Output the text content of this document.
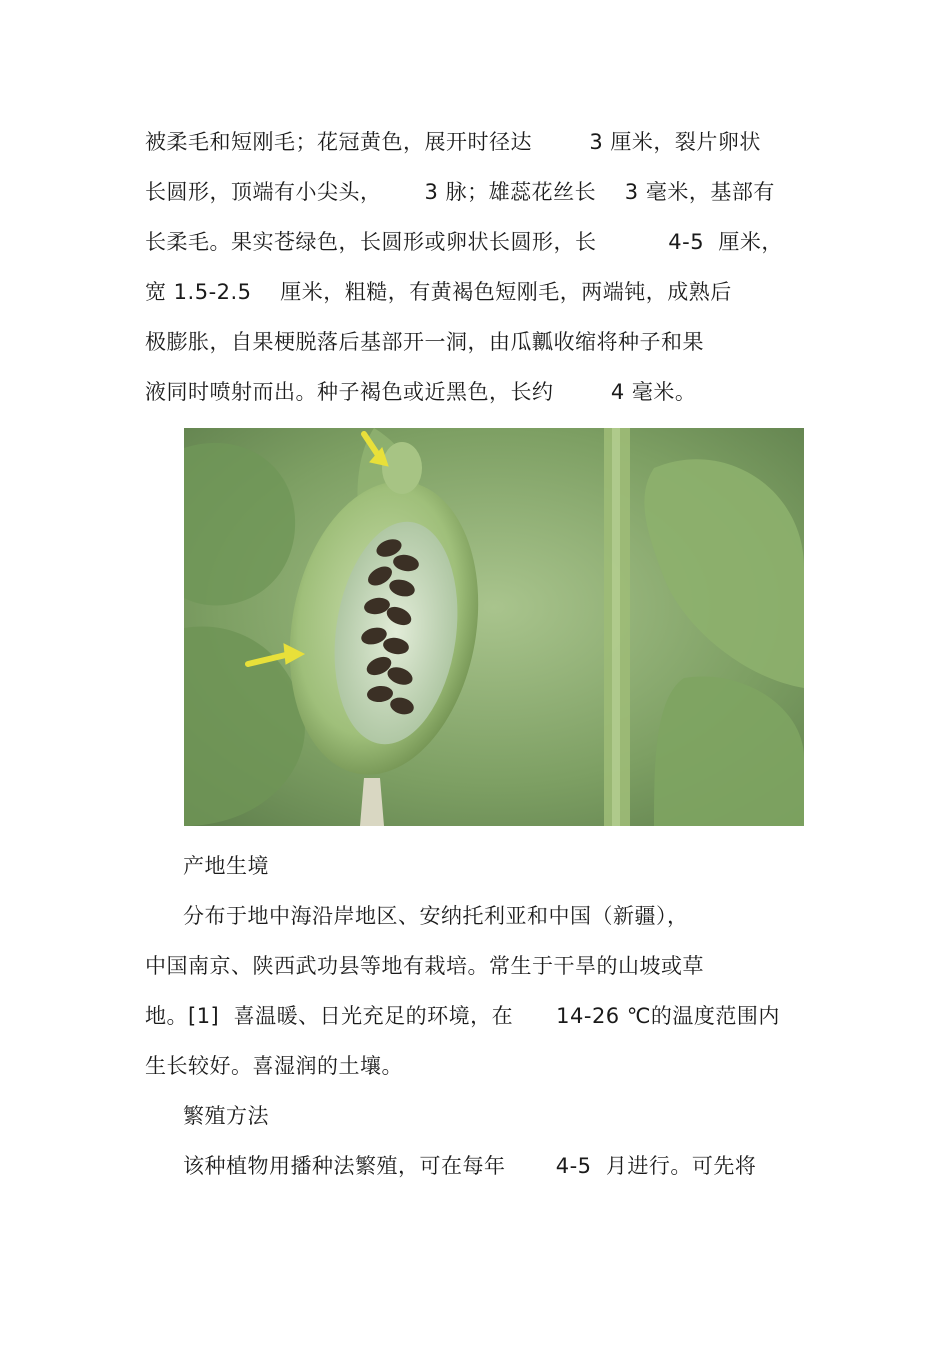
被柔毛和短刚毛；花冠黄色，展开时径达        3 厘米，裂片卵状
长圆形，顶端有小尖头，      3 脉；雄蕊花丝长    3 毫米，基部有
长柔毛。果实苍绿色，长圆形或卵状长圆形，长          4-5  厘米，
宽 1.5-2.5    厘米，粗糙，有黄褐色短刚毛，两端钝，成熟后
极膨胀，自果梗脱落后基部开一洞，由瓜瓤收缩将种子和果
液同时喷射而出。种子褐色或近黑色，长约        4 毫米。
产地生境
分布于地中海沿岸地区、安纳托利亚和中国（新疆），
中国南京、陕西武功县等地有栽培。常生于干旱的山坡或草
地。[1]  喜温暖、日光充足的环境，在      14-26 ℃的温度范围内
生长较好。喜湿润的土壤。
繁殖方法
该种植物用播种法繁殖，可在每年       4-5  月进行。可先将
